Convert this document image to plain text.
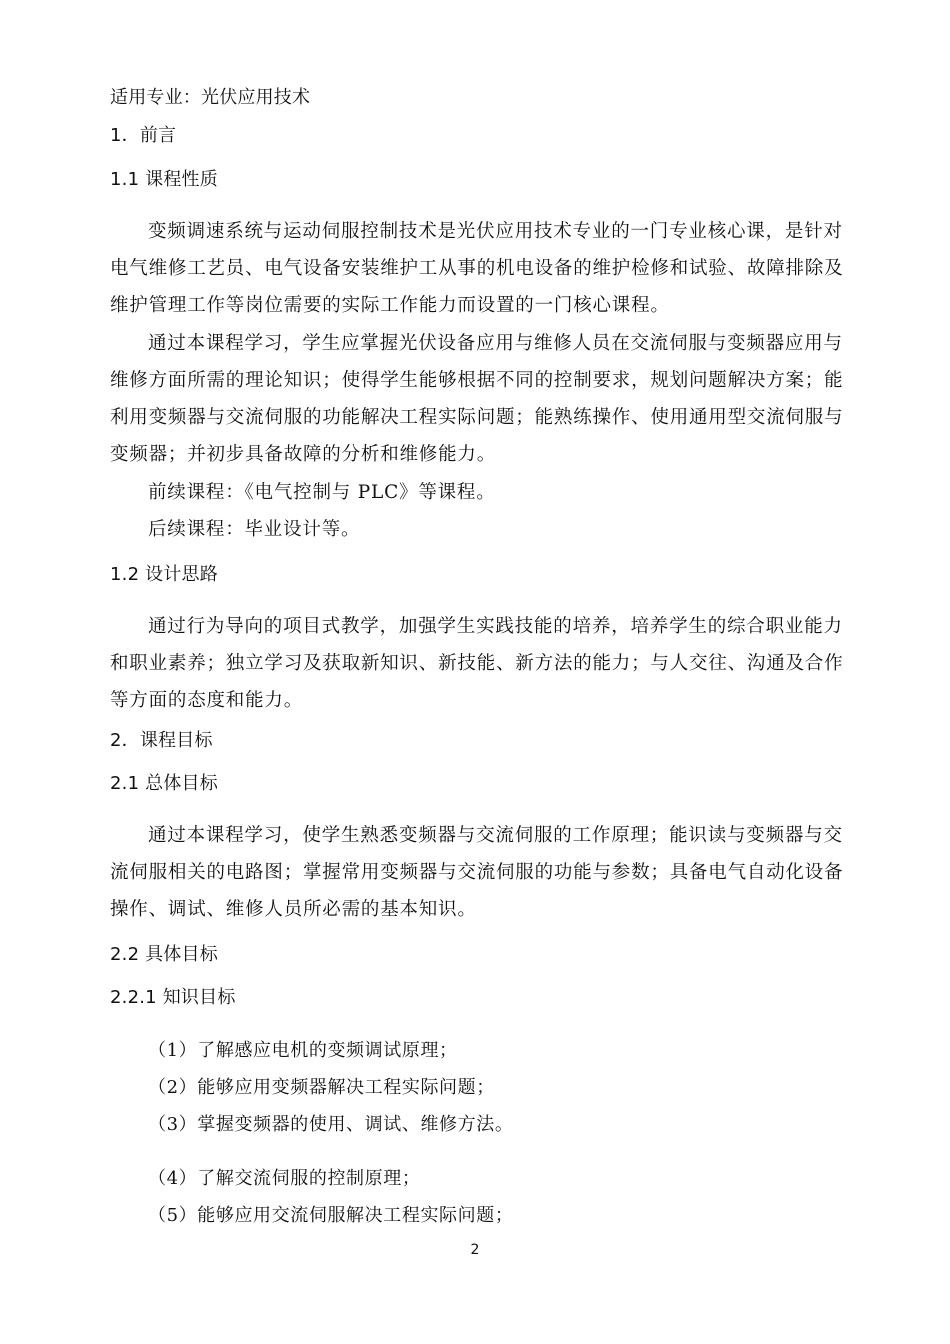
适用专业：光伏应用技术
1．前言
1.1 课程性质
变频调速系统与运动伺服控制技术是光伏应用技术专业的一门专业核心课，是针对
电气维修工艺员、电气设备安装维护工从事的机电设备的维护检修和试验、故障排除及
维护管理工作等岗位需要的实际工作能力而设置的一门核心课程。
通过本课程学习，学生应掌握光伏设备应用与维修人员在交流伺服与变频器应用与
维修方面所需的理论知识；使得学生能够根据不同的控制要求，规划问题解决方案；能
利用变频器与交流伺服的功能解决工程实际问题；能熟练操作、使用通用型交流伺服与
变频器；并初步具备故障的分析和维修能力。
前续课程：《电气控制与 PLC》等课程。
后续课程：毕业设计等。
1.2 设计思路
通过行为导向的项目式教学，加强学生实践技能的培养，培养学生的综合职业能力
和职业素养；独立学习及获取新知识、新技能、新方法的能力；与人交往、沟通及合作
等方面的态度和能力。
2．课程目标
2.1 总体目标
通过本课程学习，使学生熟悉变频器与交流伺服的工作原理；能识读与变频器与交
流伺服相关的电路图；掌握常用变频器与交流伺服的功能与参数；具备电气自动化设备
操作、调试、维修人员所必需的基本知识。
2.2 具体目标
2.2.1 知识目标
（1）了解感应电机的变频调试原理；
（2）能够应用变频器解决工程实际问题；
（3）掌握变频器的使用、调试、维修方法。
（4）了解交流伺服的控制原理；
（5）能够应用交流伺服解决工程实际问题；
2
